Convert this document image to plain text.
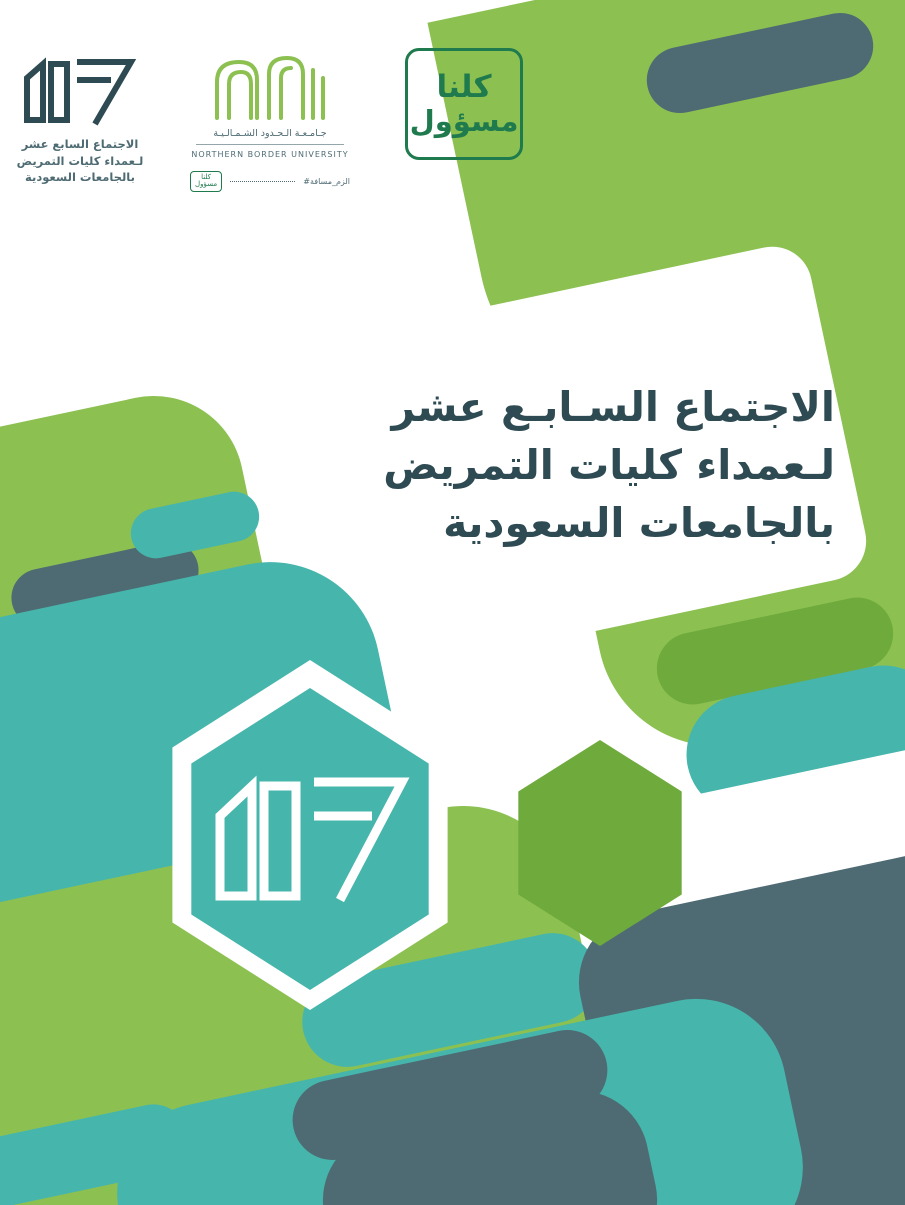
الاجتماع السابع عشر
لـعمداء كليات التمريض
بالجامعات السعودية
جـامـعـة الـحـدود الشـمـالـيـة
NORTHERN BORDER UNIVERSITY
كلنا
مسؤول	#الزم_مسافة
كلنا
مسؤول
الاجتماع السـابـع عشر
لـعمداء كليات التمريض
بالجامعات السعودية
